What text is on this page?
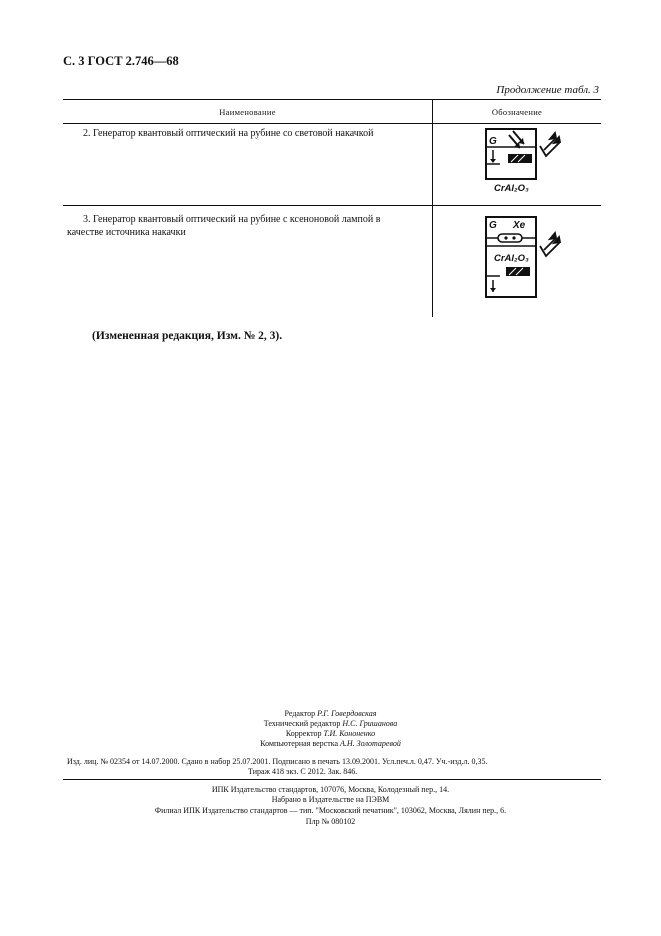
С. 3 ГОСТ 2.746—68
Продолжение табл. 3
Наименование	Обозначение
2. Генератор квантовый оптический на рубине со световой накачкой
G
CrAl₂O₃
3. Генератор квантовый оптический на рубине с ксеноновой лампой в
качестве источника накачки
G Xe
CrAl₂O₃
(Измененная редакция, Изм. № 2, 3).
Редактор Р.Г. Говердовская
Технический редактор Н.С. Гришанова
Корректор Т.И. Кононенко
Компьютерная верстка А.Н. Золотаревой
Изд. лиц. № 02354 от 14.07.2000. Сдано в набор 25.07.2001. Подписано в печать 13.09.2001. Усл.печ.л. 0,47. Уч.-изд.л. 0,35.
Тираж 418 экз. С 2012. Зак. 846.
ИПК Издательство стандартов, 107076, Москва, Колодезный пер., 14.
Набрано в Издательстве на ПЭВМ
Филиал ИПК Издательство стандартов — тип. "Московский печатник", 103062, Москва, Лялин пер., 6.
Плр № 080102
